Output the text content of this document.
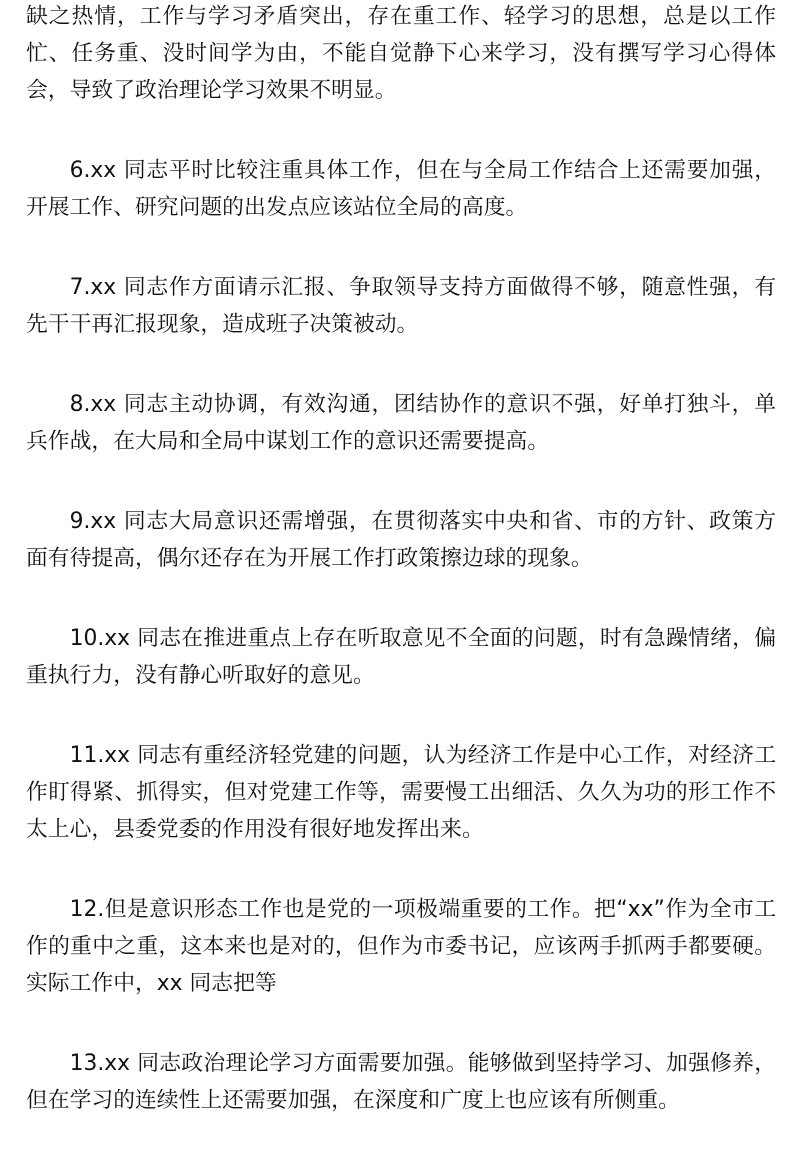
缺之热情，工作与学习矛盾突出，存在重工作、轻学习的思想，总是以工作忙、任务重、没时间学为由，不能自觉静下心来学习，没有撰写学习心得体会，导致了政治理论学习效果不明显。

6.xx 同志平时比较注重具体工作，但在与全局工作结合上还需要加强，开展工作、研究问题的出发点应该站位全局的高度。

7.xx 同志作方面请示汇报、争取领导支持方面做得不够，随意性强，有先干干再汇报现象，造成班子决策被动。

8.xx 同志主动协调，有效沟通，团结协作的意识不强，好单打独斗，单兵作战，在大局和全局中谋划工作的意识还需要提高。

9.xx 同志大局意识还需增强，在贯彻落实中央和省、市的方针、政策方面有待提高，偶尔还存在为开展工作打政策擦边球的现象。

10.xx 同志在推进重点上存在听取意见不全面的问题，时有急躁情绪，偏重执行力，没有静心听取好的意见。

11.xx 同志有重经济轻党建的问题，认为经济工作是中心工作，对经济工作盯得紧、抓得实，但对党建工作等，需要慢工出细活、久久为功的形工作不太上心，县委党委的作用没有很好地发挥出来。

12.但是意识形态工作也是党的一项极端重要的工作。把“xx”作为全市工作的重中之重，这本来也是对的，但作为市委书记，应该两手抓两手都要硬。实际工作中，xx 同志把等

13.xx 同志政治理论学习方面需要加强。能够做到坚持学习、加强修养，但在学习的连续性上还需要加强，在深度和广度上也应该有所侧重。
